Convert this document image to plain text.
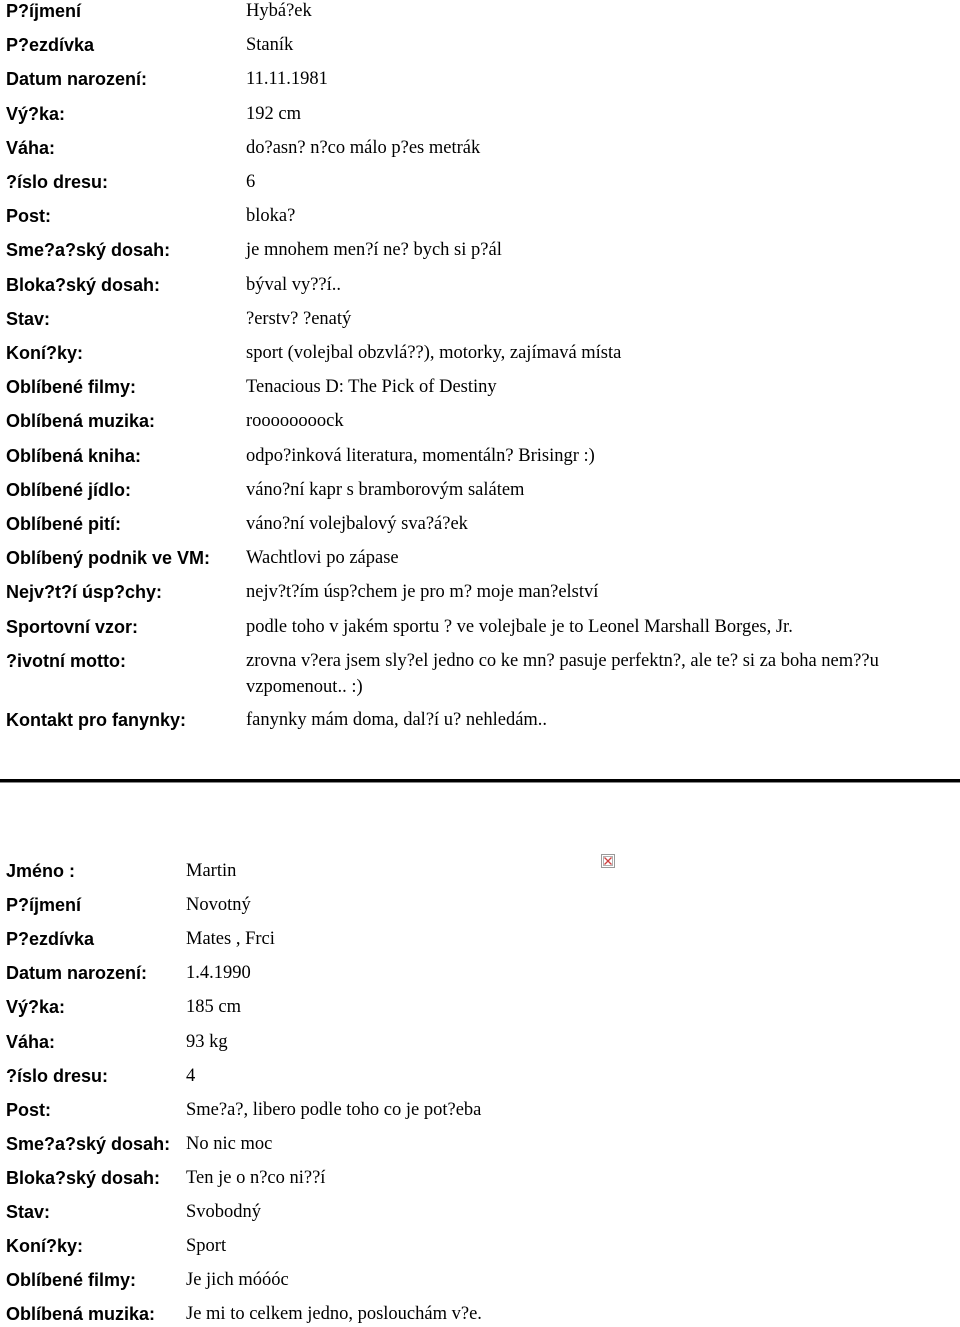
P?íjmení	Hybá?ek
P?ezdívka	Staník
Datum narození:	11.11.1981
Vý?ka:	192 cm
Váha:	do?asn? n?co málo p?es metrák
?íslo dresu:	6
Post:	bloka?
Sme?a?ský dosah:	je mnohem men?í ne? bych si p?ál
Bloka?ský dosah:	býval vy??í..
Stav:	?erstv? ?enatý
Koní?ky:	sport (volejbal obzvlá??), motorky, zajímavá místa
Oblíbené filmy:	Tenacious D: The Pick of Destiny
Oblíbená muzika:	roooooooock
Oblíbená kniha:	odpo?inková literatura, momentáln? Brisingr :)
Oblíbené jídlo:	váno?ní kapr s bramborovým salátem
Oblíbené pití:	váno?ní volejbalový sva?á?ek
Oblíbený podnik ve VM: Wachtlovi po zápase
Nejv?t?í úsp?chy:	nejv?t?ím úsp?chem je pro m? moje man?elství
Sportovní vzor:	podle toho v jakém sportu ? ve volejbale je to Leonel Marshall Borges, Jr.
?ivotní motto:	zrovna v?era jsem sly?el jedno co ke mn? pasuje perfektn?, ale te? si za boha nem??u vzpomenout.. :)
Kontakt pro fanynky:	fanynky mám doma, dal?í u? nehledám..
Jméno :	Martin
P?íjmení	Novotný
P?ezdívka	Mates , Frci
Datum narození: 1.4.1990
Vý?ka:	185 cm
Váha:	93 kg
?íslo dresu:	4
Post:	Sme?a?, libero podle toho co je pot?eba
Sme?a?ský dosah: No nic moc
Bloka?ský dosah: Ten je o n?co ni??í
Stav:	Svobodný
Koní?ky:	Sport
Oblíbené filmy:	Je jich móóóc
Oblíbená muzika: Je mi to celkem jedno, poslouchám v?e.
